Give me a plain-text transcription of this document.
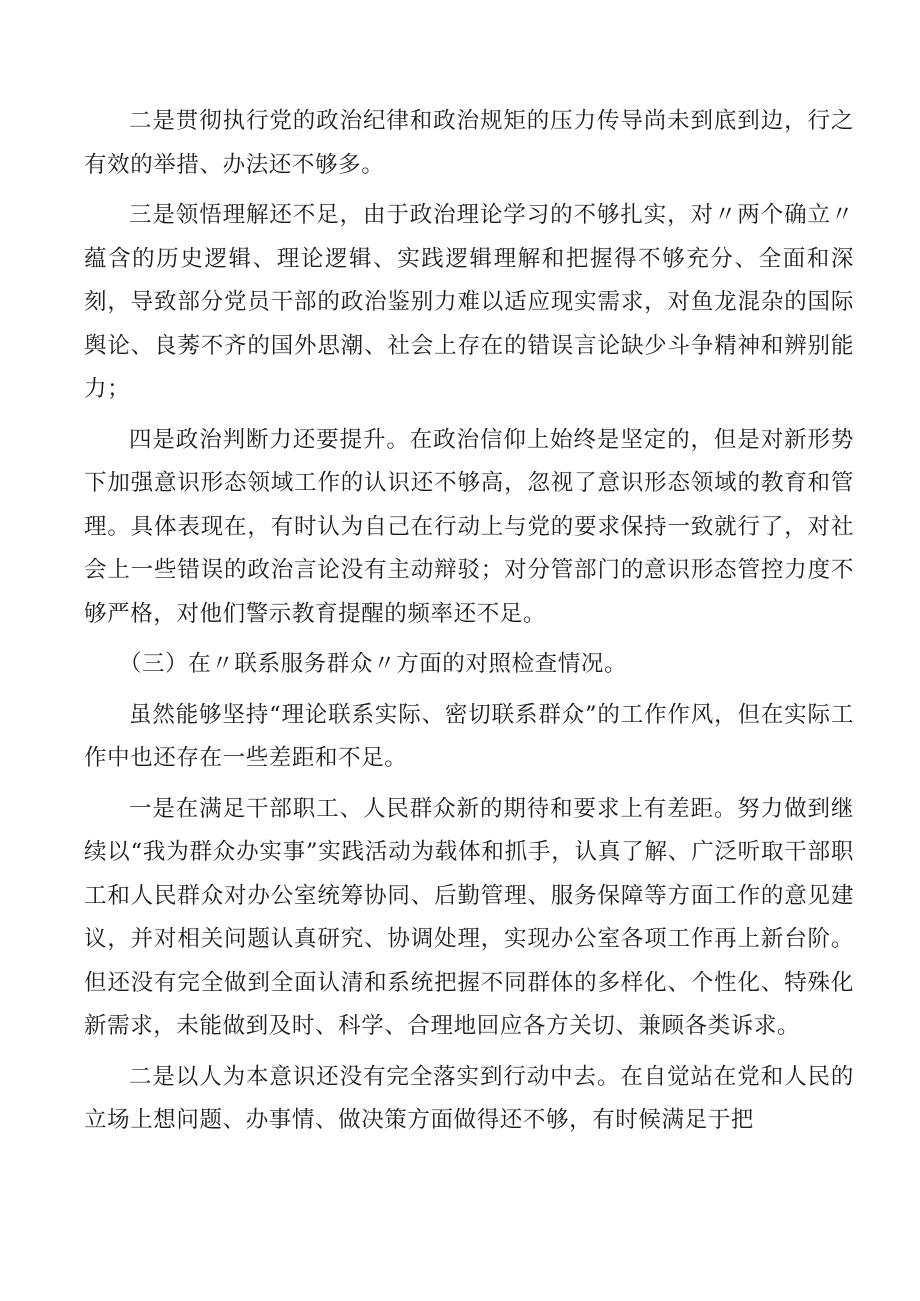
二是贯彻执行党的政治纪律和政治规矩的压力传导尚未到底到边，行之有效的举措、办法还不够多。

三是领悟理解还不足，由于政治理论学习的不够扎实，对〃两个确立〃蕴含的历史逻辑、理论逻辑、实践逻辑理解和把握得不够充分、全面和深刻，导致部分党员干部的政治鉴别力难以适应现实需求，对鱼龙混杂的国际舆论、良莠不齐的国外思潮、社会上存在的错误言论缺少斗争精神和辨别能力；

四是政治判断力还要提升。在政治信仰上始终是坚定的，但是对新形势下加强意识形态领域工作的认识还不够高，忽视了意识形态领域的教育和管理。具体表现在，有时认为自己在行动上与党的要求保持一致就行了，对社会上一些错误的政治言论没有主动辩驳；对分管部门的意识形态管控力度不够严格，对他们警示教育提醒的频率还不足。

（三）在〃联系服务群众〃方面的对照检查情况。

虽然能够坚持“理论联系实际、密切联系群众”的工作作风，但在实际工作中也还存在一些差距和不足。

一是在满足干部职工、人民群众新的期待和要求上有差距。努力做到继续以“我为群众办实事”实践活动为载体和抓手，认真了解、广泛听取干部职工和人民群众对办公室统筹协同、后勤管理、服务保障等方面工作的意见建议，并对相关问题认真研究、协调处理，实现办公室各项工作再上新台阶。但还没有完全做到全面认清和系统把握不同群体的多样化、个性化、特殊化新需求，未能做到及时、科学、合理地回应各方关切、兼顾各类诉求。

二是以人为本意识还没有完全落实到行动中去。在自觉站在党和人民的立场上想问题、办事情、做决策方面做得还不够，有时候满足于把
